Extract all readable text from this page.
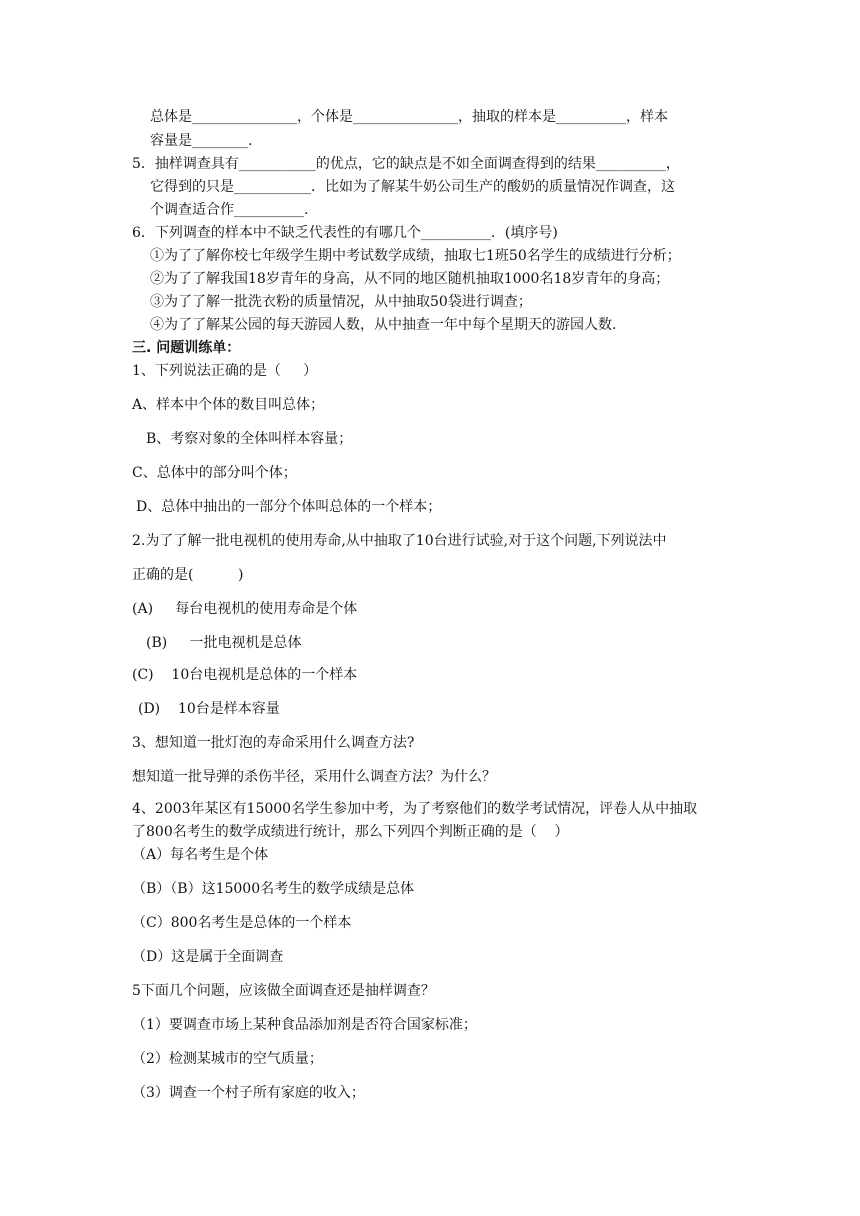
总体是_______________，个体是_______________，抽取的样本是__________，样本
容量是________.
5．抽样调查具有___________的优点，它的缺点是不如全面调查得到的结果__________，
它得到的只是___________．比如为了解某牛奶公司生产的酸奶的质量情况作调查，这
个调查适合作__________.
6．下列调查的样本中不缺乏代表性的有哪几个__________．(填序号)
①为了了解你校七年级学生期中考试数学成绩，抽取七1班50名学生的成绩进行分析；
②为了了解我国18岁青年的身高，从不同的地区随机抽取1000名18岁青年的身高；
③为了了解一批洗衣粉的质量情况，从中抽取50袋进行调查；
④为了了解某公园的每天游园人数，从中抽查一年中每个星期天的游园人数.
三. 问题训练单：
1、下列说法正确的是（     ）
A、样本中个体的数目叫总体；
B、考察对象的全体叫样本容量；
C、总体中的部分叫个体；
D、总体中抽出的一部分个体叫总体的一个样本；
2.为了了解一批电视机的使用寿命,从中抽取了10台进行试验,对于这个问题,下列说法中
正确的是(          )
(A)     每台电视机的使用寿命是个体
(B)     一批电视机是总体
(C)    10台电视机是总体的一个样本
(D)    10台是样本容量
3、想知道一批灯泡的寿命采用什么调查方法?
想知道一批导弹的杀伤半径，采用什么调查方法？为什么？
4、2003年某区有15000名学生参加中考，为了考察他们的数学考试情况，评卷人从中抽取
了800名考生的数学成绩进行统计，那么下列四个判断正确的是（    ）
（A）每名考生是个体
（B）（B）这15000名考生的数学成绩是总体
（C）800名考生是总体的一个样本
（D）这是属于全面调查
5下面几个问题，应该做全面调查还是抽样调查？
（1）要调查市场上某种食品添加剂是否符合国家标准；
（2）检测某城市的空气质量；
（3）调查一个村子所有家庭的收入；
